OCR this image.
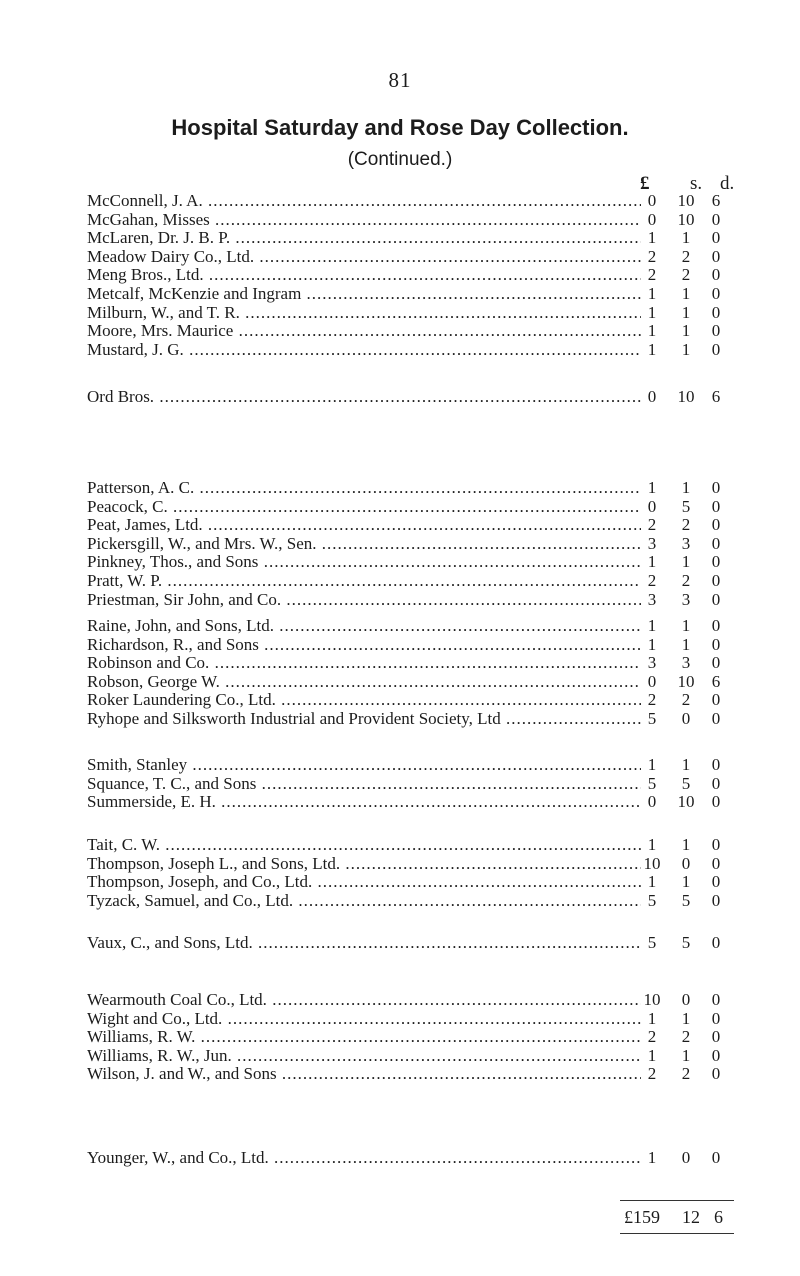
81
Hospital Saturday and Rose Day Collection.
(Continued.)
£ s. d.
McConnell, J. A. .....	0	10	6
McGahan, Misses .....	0	10	0
McLaren, Dr. J. B. P. .....	1	1	0
Meadow Dairy Co., Ltd. .....	2	2	0
Meng Bros., Ltd. .....	2	2	0
Metcalf, McKenzie and Ingram .....	1	1	0
Milburn, W., and T. R. .....	1	1	0
Moore, Mrs. Maurice .....	1	1	0
Mustard, J. G. .....	1	1	0
Ord Bros. .....	0	10	6
Patterson, A. C. .....	1	1	0
Peacock, C. .....	0	5	0
Peat, James, Ltd. .....	2	2	0
Pickersgill, W., and Mrs. W., Sen. .....	3	3	0
Pinkney, Thos., and Sons .....	1	1	0
Pratt, W. P. .....	2	2	0
Priestman, Sir John, and Co. .....	3	3	0
Raine, John, and Sons, Ltd. .....	1	1	0
Richardson, R., and Sons .....	1	1	0
Robinson and Co. .....	3	3	0
Robson, George W. .....	0	10	6
Roker Laundering Co., Ltd. .....	2	2	0
Ryhope and Silksworth Industrial and Provident Society, Ltd .....	5	0	0
Smith, Stanley .....	1	1	0
Squance, T. C., and Sons .....	5	5	0
Summerside, E. H. .....	0	10	0
Tait, C. W. .....	1	1	0
Thompson, Joseph L., and Sons, Ltd. .....	10	0	0
Thompson, Joseph, and Co., Ltd. .....	1	1	0
Tyzack, Samuel, and Co., Ltd. .....	5	5	0
Vaux, C., and Sons, Ltd. .....	5	5	0
Wearmouth Coal Co., Ltd. .....	10	0	0
Wight and Co., Ltd. .....	1	1	0
Williams, R. W. .....	2	2	0
Williams, R. W., Jun. .....	1	1	0
Wilson, J. and W., and Sons .....	2	2	0
Younger, W., and Co., Ltd. .....	1	0	0
£159 12 6
